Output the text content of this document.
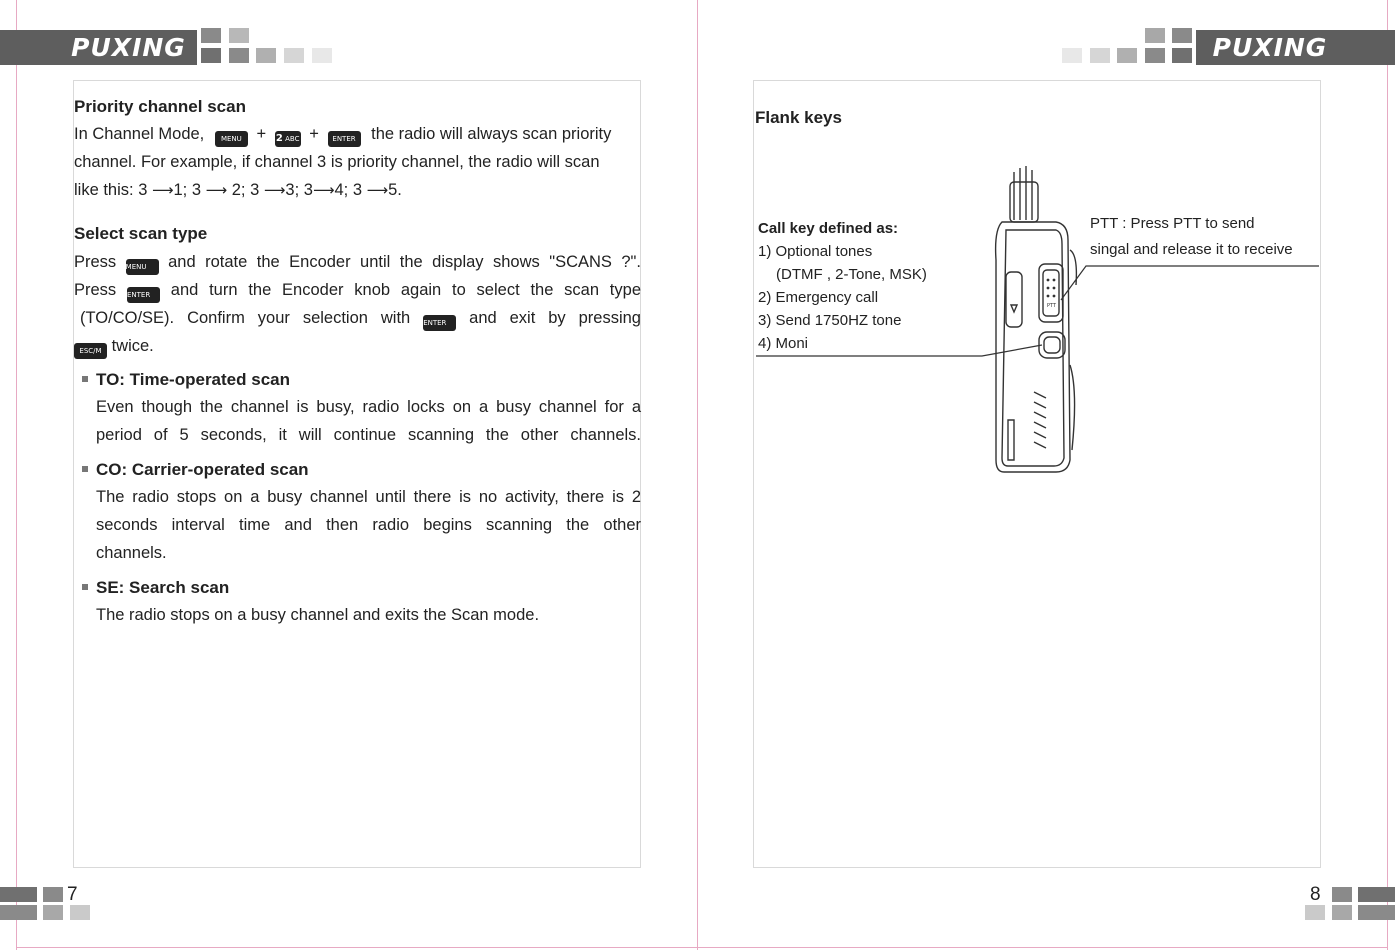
PUXING	PUXING
Priority channel scan
In Channel Mode, MENU + 2 ABC + ENTER the radio will always scan priority
channel. For example, if channel 3 is priority channel, the radio will scan
like this: 3 ⟶1; 3 ⟶ 2; 3 ⟶3; 3⟶4; 3 ⟶5.
Select scan type
Press MENU and rotate the Encoder until the display shows "SCANS ?".
Press ENTER and turn the Encoder knob again to select the scan type
(TO/CO/SE). Confirm your selection with ENTER and exit by pressing
ESC/M twice.
TO: Time-operated scan
Even though the channel is busy, radio locks on a busy channel for a
period of 5 seconds, it will continue scanning the other channels.
CO: Carrier-operated scan
The radio stops on a busy channel until there is no activity, there is 2
seconds interval time and then radio begins scanning the other
channels.
SE: Search scan
The radio stops on a busy channel and exits the Scan mode.
Flank keys
Call key defined as:
1) Optional tones
(DTMF , 2-Tone, MSK)
2) Emergency call
3) Send 1750HZ tone
4) Moni
PTT : Press PTT to send
singal and release it to receive
PTT
7	8
